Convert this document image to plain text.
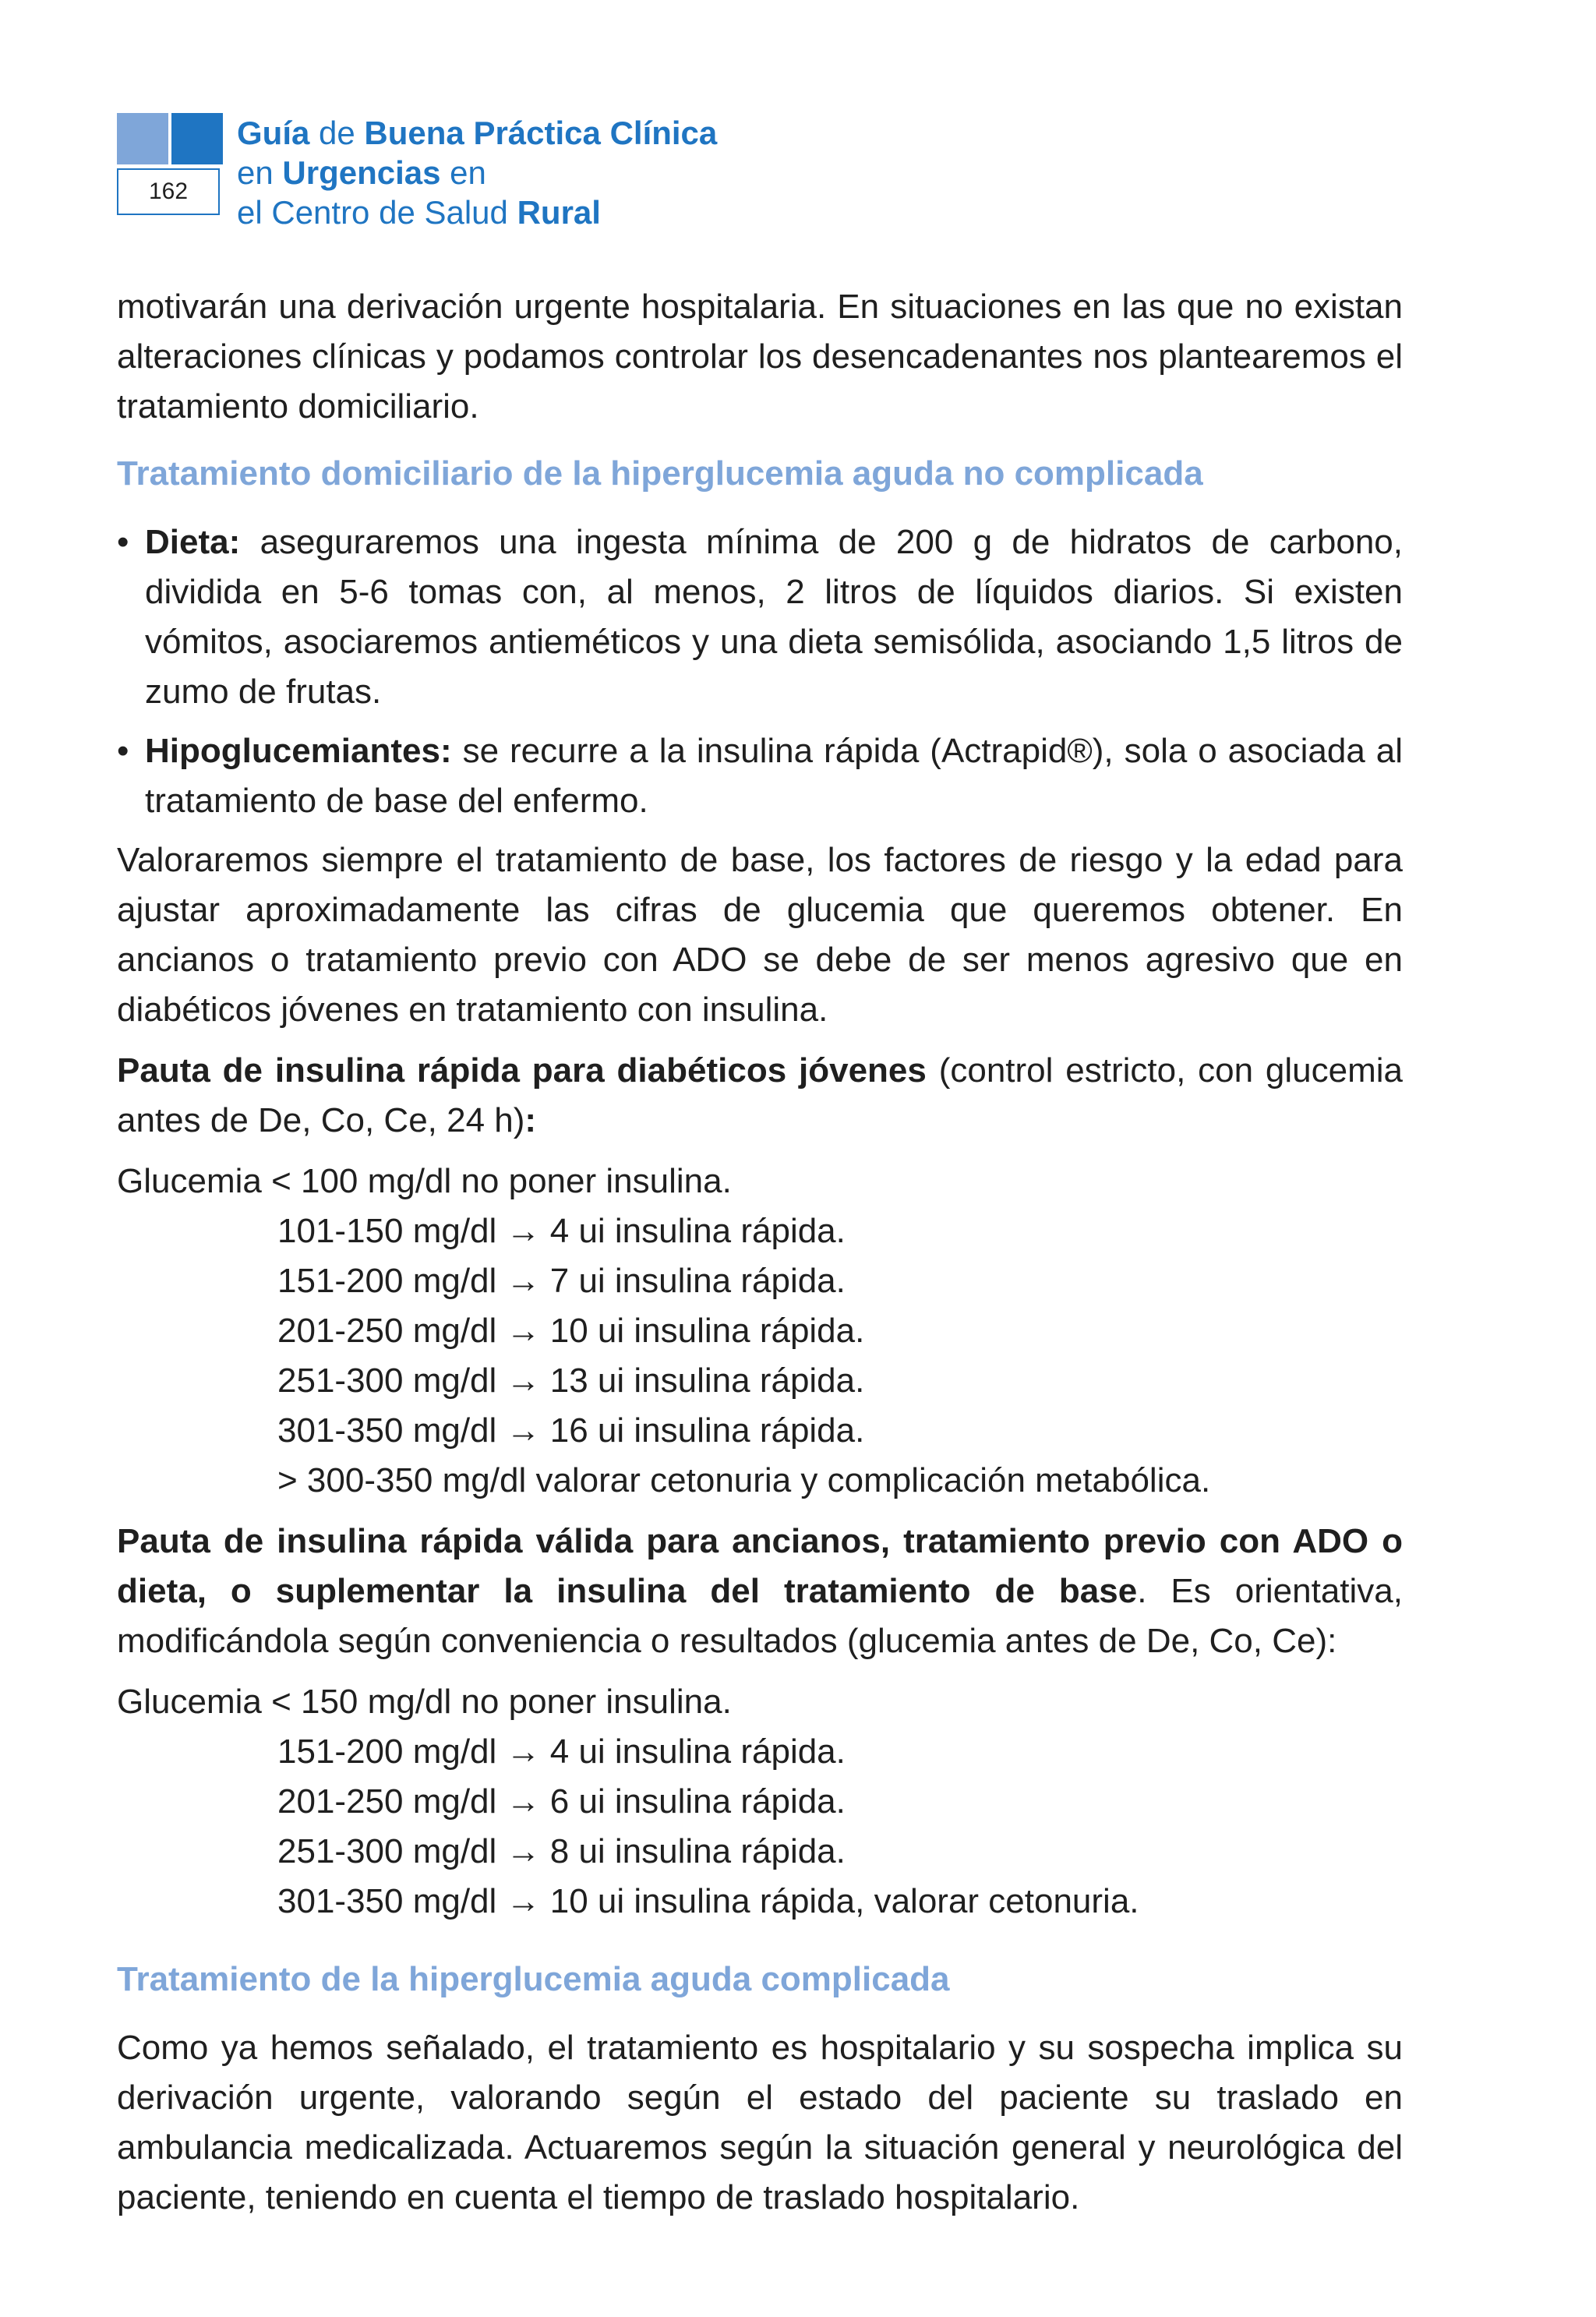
162
Guía de Buena Práctica Clínica
en Urgencias en
el Centro de Salud Rural

motivarán una derivación urgente hospitalaria. En situaciones en las que no existan alteraciones clínicas y podamos controlar los desencadenantes nos plantearemos el tratamiento domiciliario.

Tratamiento domiciliario de la hiperglucemia aguda no complicada

• Dieta: aseguraremos una ingesta mínima de 200 g de hidratos de carbono, dividida en 5-6 tomas con, al menos, 2 litros de líquidos diarios. Si existen vómitos, asociaremos antieméticos y una dieta semisólida, asociando 1,5 litros de zumo de frutas.

• Hipoglucemiantes: se recurre a la insulina rápida (Actrapid®), sola o asociada al tratamiento de base del enfermo.

Valoraremos siempre el tratamiento de base, los factores de riesgo y la edad para ajustar aproximadamente las cifras de glucemia que queremos obtener. En ancianos o tratamiento previo con ADO se debe de ser menos agresivo que en diabéticos jóvenes en tratamiento con insulina.

Pauta de insulina rápida para diabéticos jóvenes (control estricto, con glucemia antes de De, Co, Ce, 24 h):

Glucemia < 100 mg/dl no poner insulina.

101-150 mg/dl → 4 ui insulina rápida.

151-200 mg/dl → 7 ui insulina rápida.

201-250 mg/dl → 10 ui insulina rápida.

251-300 mg/dl → 13 ui insulina rápida.

301-350 mg/dl → 16 ui insulina rápida.

> 300-350 mg/dl valorar cetonuria y complicación metabólica.

Pauta de insulina rápida válida para ancianos, tratamiento previo con ADO o dieta, o suplementar la insulina del tratamiento de base. Es orientativa, modificándola según conveniencia o resultados (glucemia antes de De, Co, Ce):

Glucemia < 150 mg/dl no poner insulina.

151-200 mg/dl → 4 ui insulina rápida.

201-250 mg/dl → 6 ui insulina rápida.

251-300 mg/dl → 8 ui insulina rápida.

301-350 mg/dl → 10 ui insulina rápida, valorar cetonuria.

Tratamiento de la hiperglucemia aguda complicada

Como ya hemos señalado, el tratamiento es hospitalario y su sospecha implica su derivación urgente, valorando según el estado del paciente su traslado en ambulancia medicalizada. Actuaremos según la situación general y neurológica del paciente, teniendo en cuenta el tiempo de traslado hospitalario.
